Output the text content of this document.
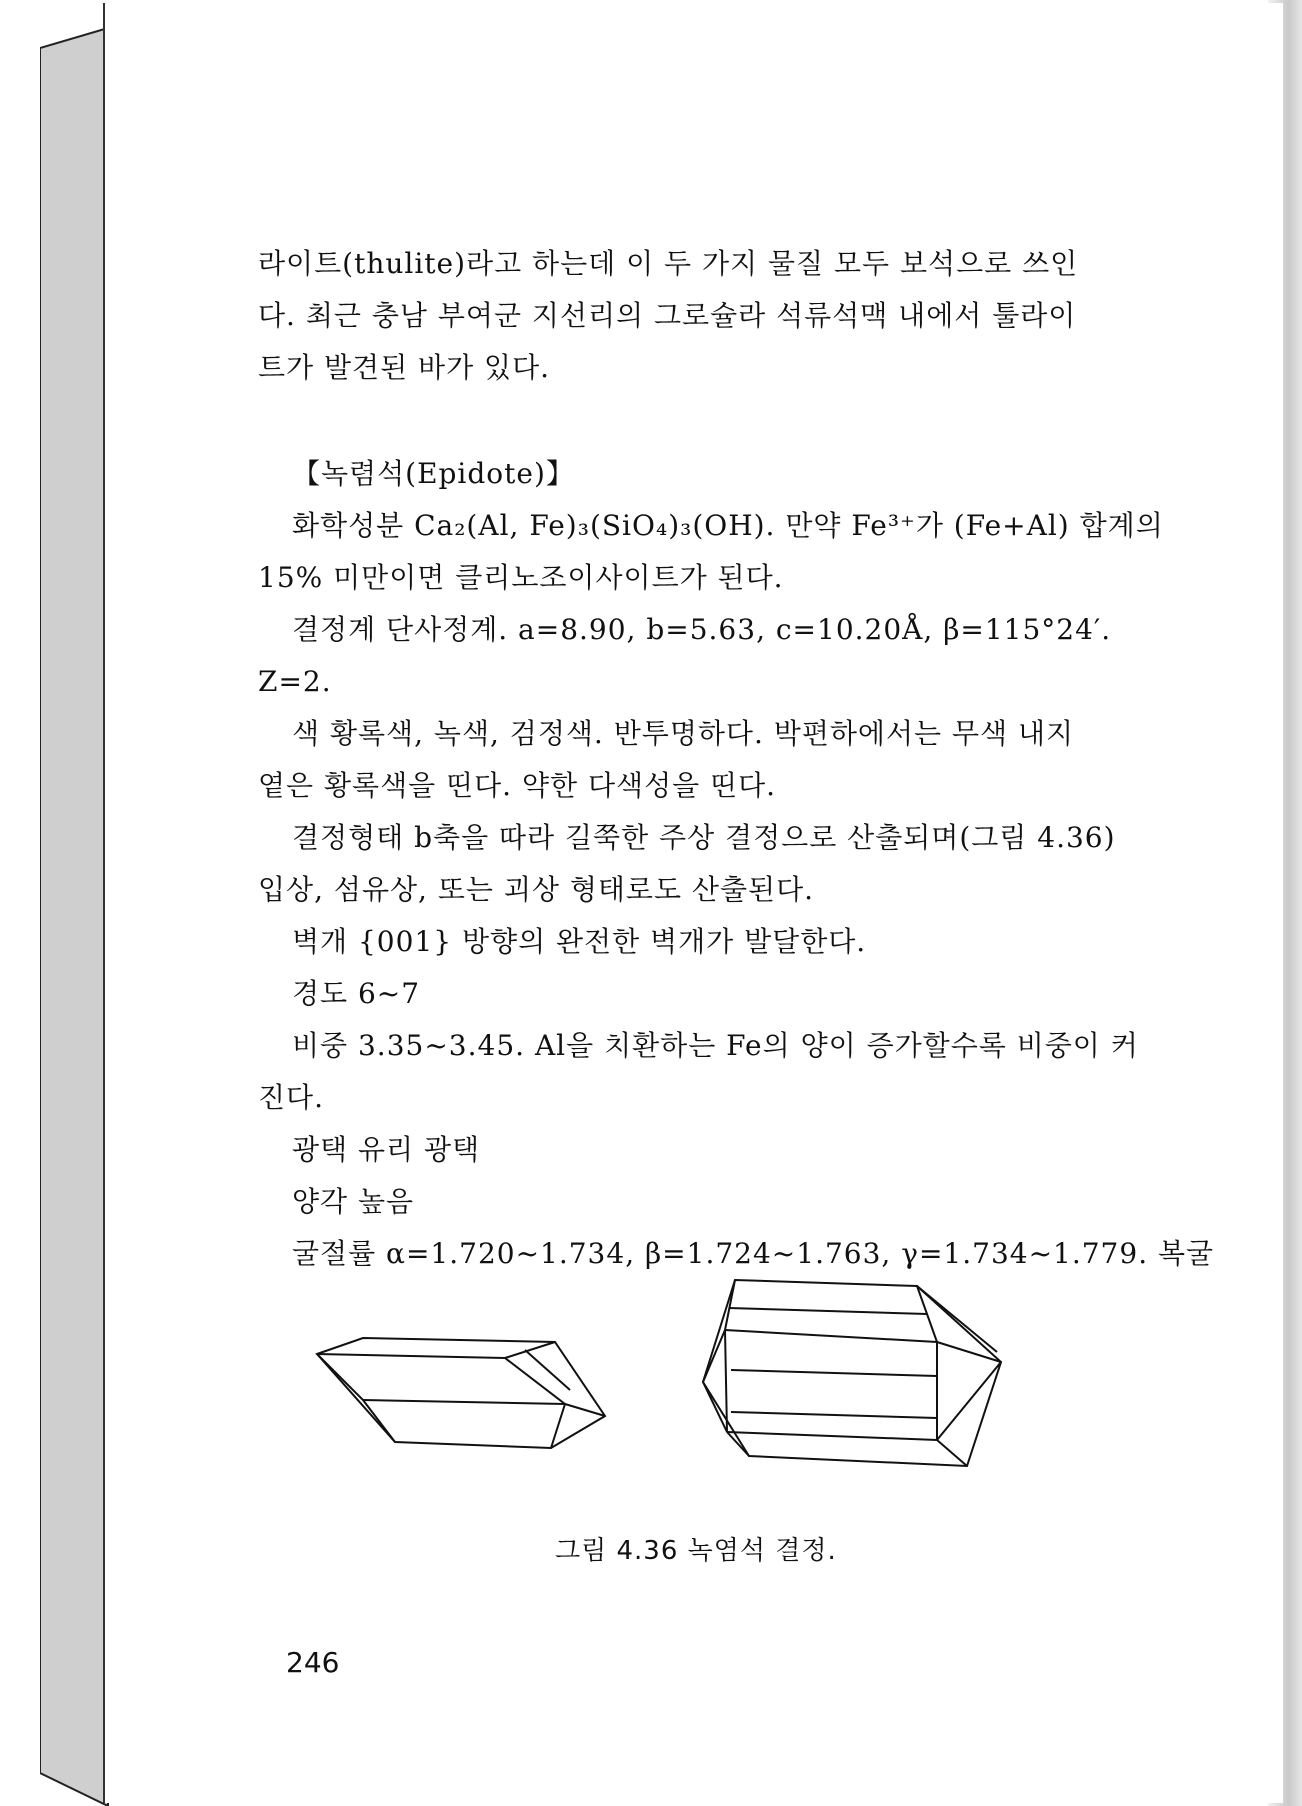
라이트(thulite)라고 하는데 이 두 가지 물질 모두 보석으로 쓰인
다. 최근 충남 부여군 지선리의 그로슐라 석류석맥 내에서 툴라이
트가 발견된 바가 있다.
【녹렴석(Epidote)】
화학성분 Ca₂(Al, Fe)₃(SiO₄)₃(OH). 만약 Fe³⁺가 (Fe+Al) 합계의
15% 미만이면 클리노조이사이트가 된다.
결정계 단사정계. a=8.90, b=5.63, c=10.20Å, β=115°24′.
Z=2.
색 황록색, 녹색, 검정색. 반투명하다. 박편하에서는 무색 내지
옅은 황록색을 띤다. 약한 다색성을 띤다.
결정형태 b축을 따라 길쭉한 주상 결정으로 산출되며(그림 4.36)
입상, 섬유상, 또는 괴상 형태로도 산출된다.
벽개 {001} 방향의 완전한 벽개가 발달한다.
경도 6~7
비중 3.35~3.45. Al을 치환하는 Fe의 양이 증가할수록 비중이 커
진다.
광택 유리 광택
양각 높음
굴절률 α=1.720~1.734, β=1.724~1.763, γ=1.734~1.779. 복굴
그림 4.36 녹염석 결정.
246
